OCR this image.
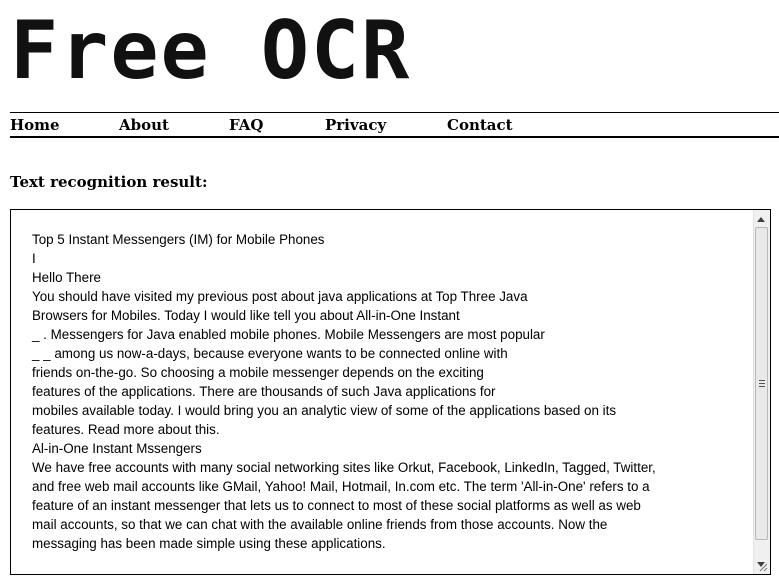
Free OCR
Home	About	FAQ	Privacy	Contact
Text recognition result:
Top 5 Instant Messengers (IM) for Mobile Phones
I
Hello There
You should have visited my previous post about java applications at Top Three Java
Browsers for Mobiles. Today I would like tell you about All-in-One Instant
_ . Messengers for Java enabled mobile phones. Mobile Messengers are most popular
_ _ among us now-a-days, because everyone wants to be connected online with
friends on-the-go. So choosing a mobile messenger depends on the exciting
features of the applications. There are thousands of such Java applications for
mobiles available today. I would bring you an analytic view of some of the applications based on its
features. Read more about this.
Al-in-One Instant Mssengers
We have free accounts with many social networking sites like Orkut, Facebook, LinkedIn, Tagged, Twitter,
and free web mail accounts like GMail, Yahoo! Mail, Hotmail, In.com etc. The term 'All-in-One' refers to a
feature of an instant messenger that lets us to connect to most of these social platforms as well as web
mail accounts, so that we can chat with the available online friends from those accounts. Now the
messaging has been made simple using these applications.
